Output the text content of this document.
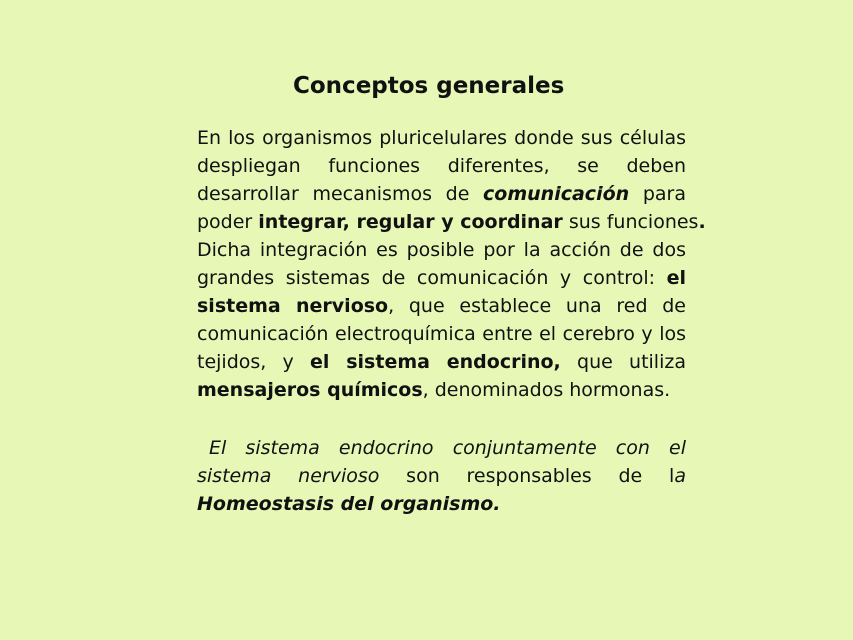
Conceptos generales
En los organismos pluricelulares donde sus células
despliegan funciones diferentes, se deben
desarrollar mecanismos de comunicación para
poder integrar, regular y coordinar sus funciones.
Dicha integración es posible por la acción de dos
grandes sistemas de comunicación y control: el
sistema nervioso, que establece una red de
comunicación electroquímica entre el cerebro y los
tejidos, y el sistema endocrino, que utiliza
mensajeros químicos, denominados hormonas.
El sistema endocrino conjuntamente con el
sistema nervioso son responsables de la
Homeostasis del organismo.
